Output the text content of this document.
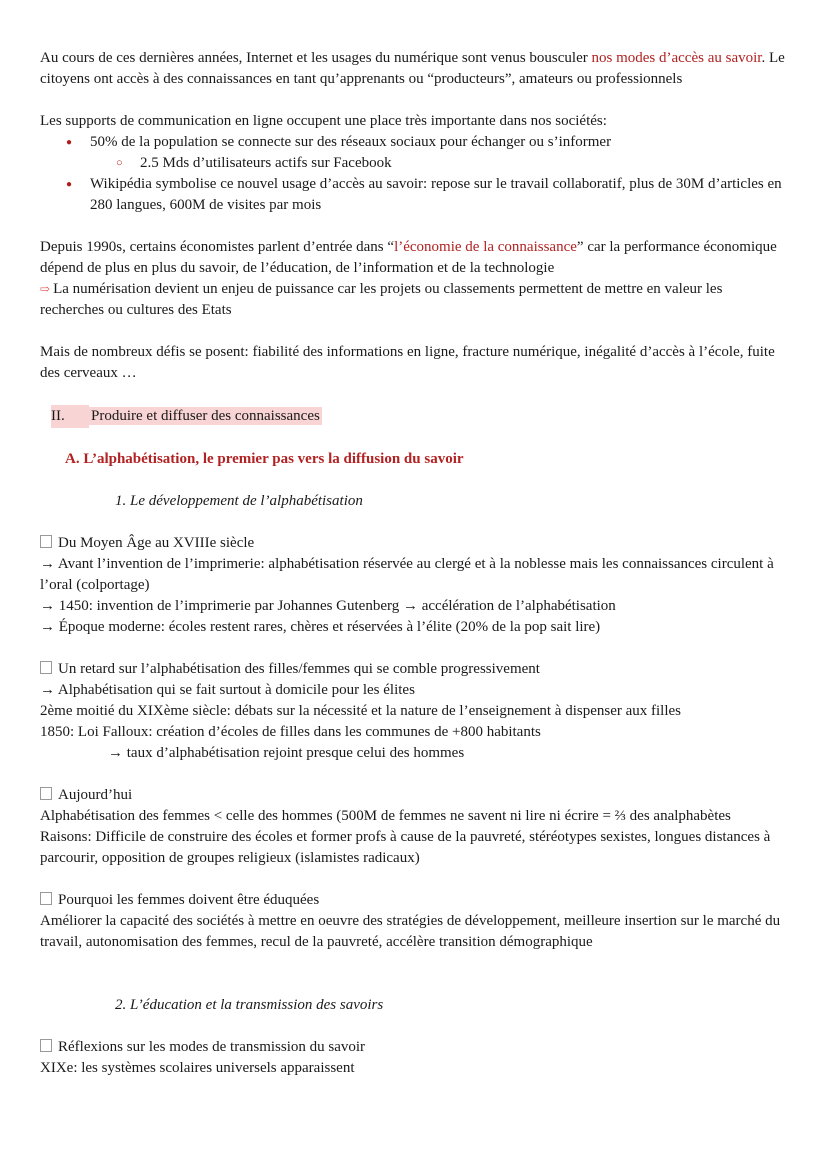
Au cours de ces dernières années, Internet et les usages du numérique sont venus bousculer nos modes d’accès au savoir. Le citoyens ont accès à des connaissances en tant qu’apprenants ou “producteurs”, amateurs ou professionnels

Les supports de communication en ligne occupent une place très importante dans nos sociétés:

● 50% de la population se connecte sur des réseaux sociaux pour échanger ou s’informer
○ 2.5 Mds d’utilisateurs actifs sur Facebook
● Wikipédia symbolise ce nouvel usage d’accès au savoir: repose sur le travail collaboratif, plus de 30M d’articles en 280 langues, 600M de visites par mois

Depuis 1990s, certains économistes parlent d’entrée dans “l’économie de la connaissance” car la performance économique dépend de plus en plus du savoir, de l’éducation, de l’information et de la technologie

⇨ La numérisation devient un enjeu de puissance car les projets ou classements permettent de mettre en valeur les recherches ou cultures des Etats

Mais de nombreux défis se posent: fiabilité des informations en ligne, fracture numérique, inégalité d’accès à l’école, fuite des cerveaux …

II. Produire et diffuser des connaissances

A. L’alphabétisation, le premier pas vers la diffusion du savoir

1. Le développement de l’alphabétisation

Du Moyen Âge au XVIIIe siècle

→ Avant l’invention de l’imprimerie: alphabétisation réservée au clergé et à la noblesse mais les connaissances circulent à l’oral (colportage)

→ 1450: invention de l’imprimerie par Johannes Gutenberg → accélération de l’alphabétisation

→ Époque moderne: écoles restent rares, chères et réservées à l’élite (20% de la pop sait lire)

Un retard sur l’alphabétisation des filles/femmes qui se comble progressivement

→ Alphabétisation qui se fait surtout à domicile pour les élites

2ème moitié du XIXème siècle: débats sur la nécessité et la nature de l’enseignement à dispenser aux filles

1850: Loi Falloux: création d’écoles de filles dans les communes de +800 habitants

→ taux d’alphabétisation rejoint presque celui des hommes

Aujourd’hui

Alphabétisation des femmes < celle des hommes (500M de femmes ne savent ni lire ni écrire = ⅔ des analphabètes

Raisons: Difficile de construire des écoles et former profs à cause de la pauvreté, stéréotypes sexistes, longues distances à parcourir, opposition de groupes religieux (islamistes radicaux)

Pourquoi les femmes doivent être éduquées

Améliorer la capacité des sociétés à mettre en oeuvre des stratégies de développement, meilleure insertion sur le marché du travail, autonomisation des femmes, recul de la pauvreté, accélère transition démographique

2. L’éducation et la transmission des savoirs

Réflexions sur les modes de transmission du savoir

XIXe: les systèmes scolaires universels apparaissent
